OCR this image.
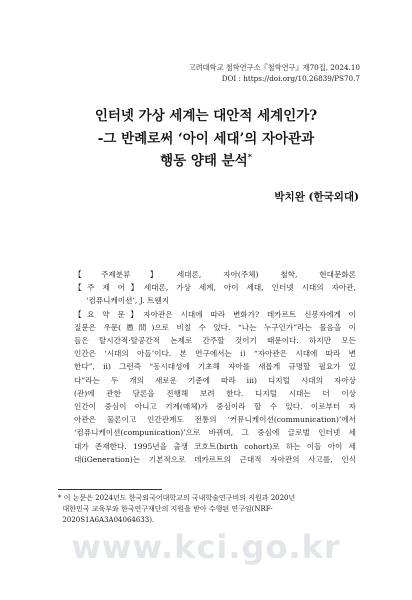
고려대학교 철학연구소『철학연구』제70집, 2024.10
DOI : https://doi.org/10.26839/PS70.7
인터넷 가상 세계는 대안적 세계인가?
-그 반례로써 ‘아이 세대’의 자아관과
행동 양태 분석*
박치완 (한국외대)
【주제분류】세대론, 자아(주체) 철학, 현대문화론
【주 제 어】세대론, 가상 세계, 아이 세대, 인터넷 시대의 자아관,
‘컴퓨니케이션’, J. 트웬지
【요 약 문】자아관은 시대에 따라 변화가? 데카르트 신봉자에게 이
질문은 우문(愚問)으로 비칠 수 있다. “나는 누구인가”라는 물음을 이
들은 탈시간적·탈공간적 논제로 간주할 것이기 때문이다. 하지만 모든
인간은 ‘시대의 아들’이다. 본 연구에서는 i) “자아관은 시대에 따라 변
한다”, ii) 그런즉 “동시대성에 기초해 자아를 새롭게 규명할 필요가 있
다”라는 두 개의 새로운 기준에 따라 iii) 디지털 시대의 자아상
(관)에 관한 담론을 진행해 보려 한다. 디지털 시대는 더 이상
인간이 중심이 아니고 기계(매체)가 중심이라 할 수 있다. 이로부터 자
아관은 물론이고 인간관계도 전통의 ‘커뮤니케이션(communication)’에서
‘컴퓨니케이션(compunication)’으로 바뀌며, 그 중심에 글로벌 인터넷 세
대가 존재한다. 1995년을 출생 코호트(birth cohort)로 하는 이들 아이 세
대(iGeneration)는 기본적으로 데카르트의 근대적 자아관의 사고를, 인식
* 이 논문은 2024년도 한국외국어대학교의 국내학술연구비의 지원과 2020년
대한민국 교육부와 한국연구재단의 지원을 받아 수행된 연구임(NRF-
2020S1A6A3A04064633).
www.kci.go.kr
